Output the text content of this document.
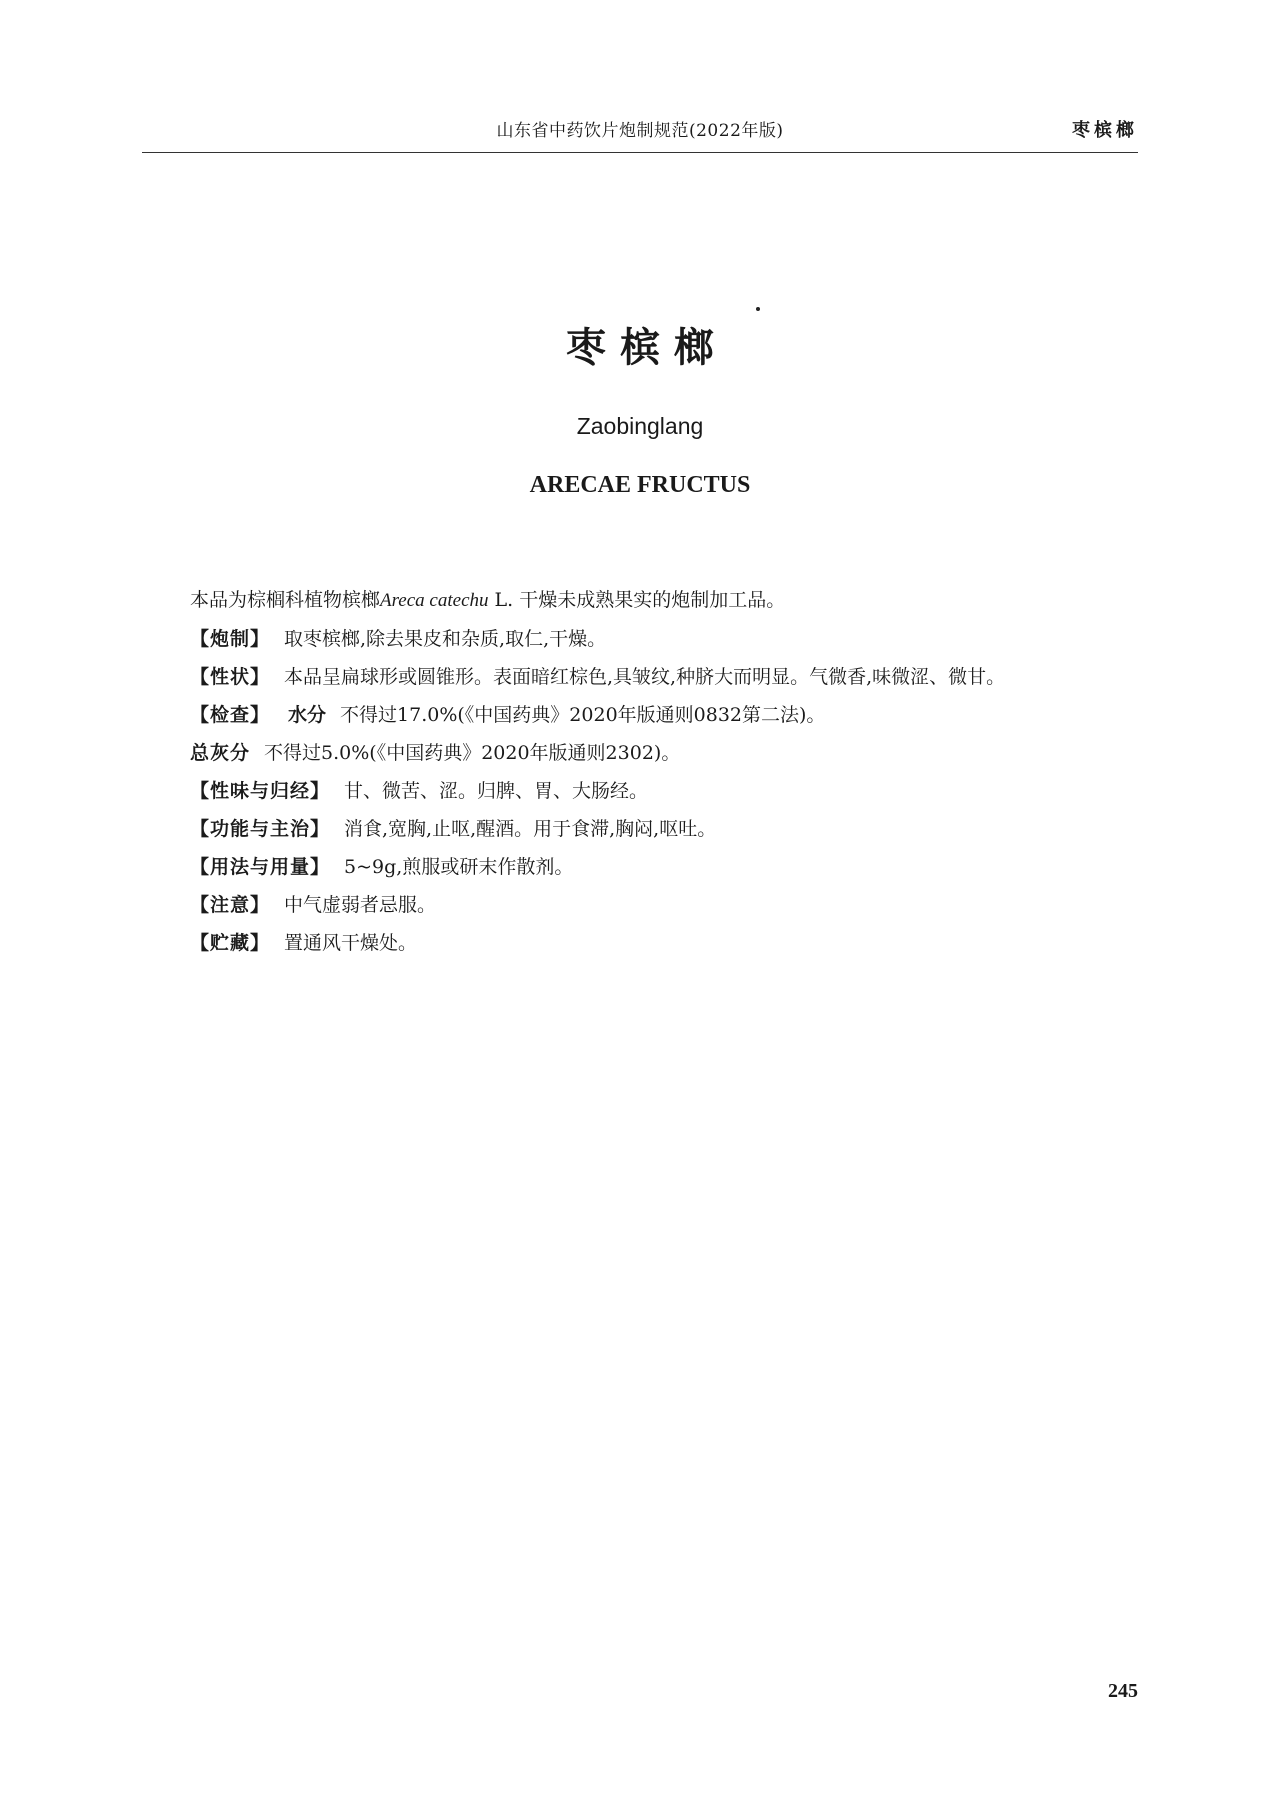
山东省中药饮片炮制规范(2022年版)	枣槟榔
枣槟榔
Zaobinglang
ARECAE FRUCTUS

本品为棕榈科植物槟榔Areca catechu L. 干燥未成熟果实的炮制加工品。

【炮制】 取枣槟榔,除去果皮和杂质,取仁,干燥。

【性状】 本品呈扁球形或圆锥形。表面暗红棕色,具皱纹,种脐大而明显。气微香,味微涩、微甘。

【检查】 水分 不得过17.0%(《中国药典》2020年版通则0832第二法)。

总灰分 不得过5.0%(《中国药典》2020年版通则2302)。

【性味与归经】 甘、微苦、涩。归脾、胃、大肠经。

【功能与主治】 消食,宽胸,止呕,醒酒。用于食滞,胸闷,呕吐。

【用法与用量】 5~9g,煎服或研末作散剂。

【注意】 中气虚弱者忌服。

【贮藏】 置通风干燥处。

245
